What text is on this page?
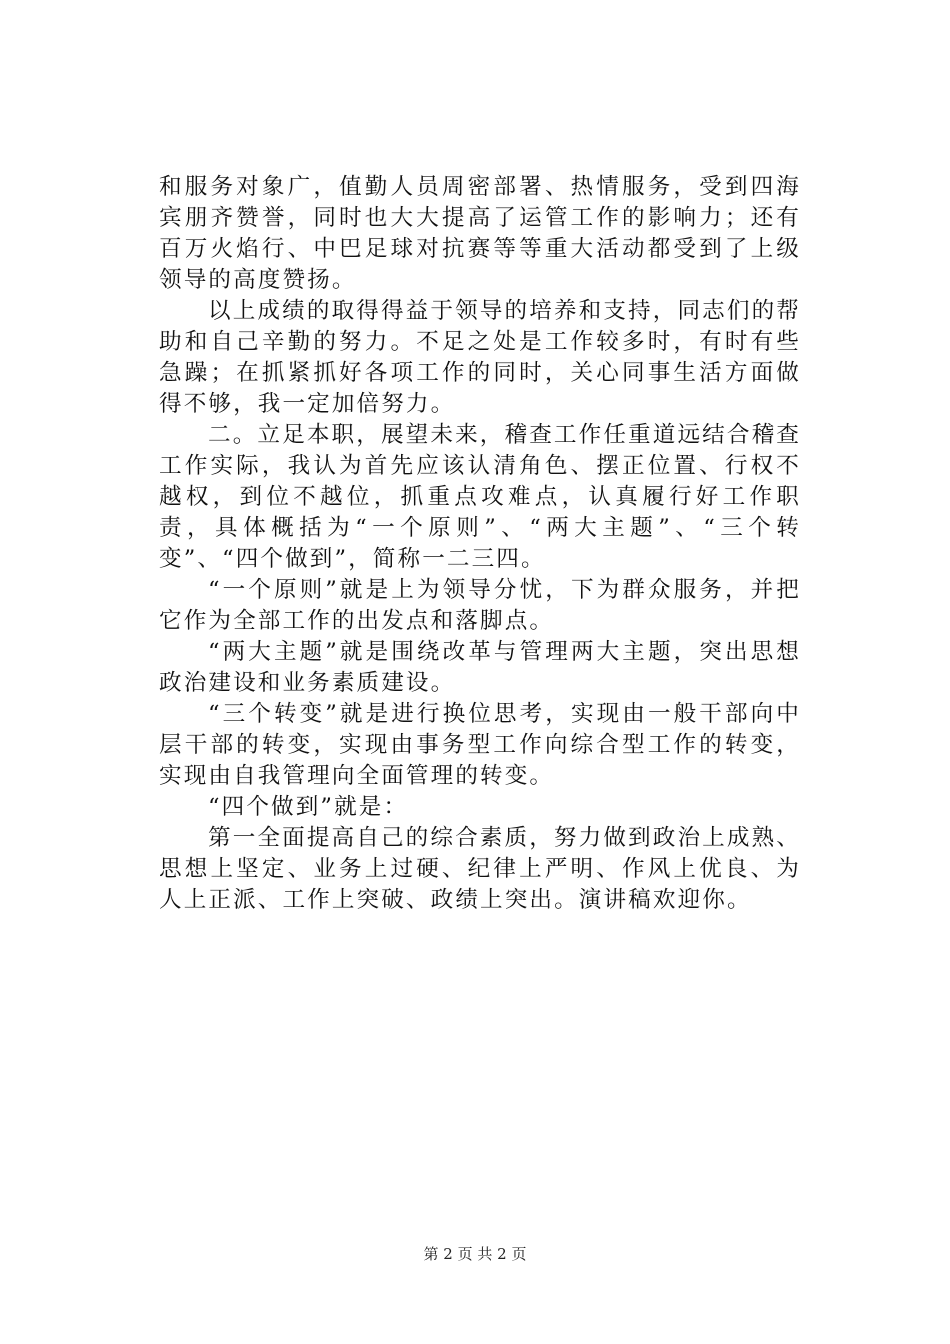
和服务对象广，值勤人员周密部署、热情服务，受到四海宾朋齐赞誉，同时也大大提高了运管工作的影响力；还有百万火焰行、中巴足球对抗赛等等重大活动都受到了上级领导的高度赞扬。

以上成绩的取得得益于领导的培养和支持，同志们的帮助和自己辛勤的努力。不足之处是工作较多时，有时有些急躁；在抓紧抓好各项工作的同时，关心同事生活方面做得不够，我一定加倍努力。

二。立足本职，展望未来，稽查工作任重道远结合稽查工作实际，我认为首先应该认清角色、摆正位置、行权不越权，到位不越位，抓重点攻难点，认真履行好工作职责，具体概括为“一个原则”、“两大主题”、“三个转变”、“四个做到”，简称一二三四。

“一个原则”就是上为领导分忧，下为群众服务，并把它作为全部工作的出发点和落脚点。

“两大主题”就是围绕改革与管理两大主题，突出思想政治建设和业务素质建设。

“三个转变”就是进行换位思考，实现由一般干部向中层干部的转变，实现由事务型工作向综合型工作的转变，实现由自我管理向全面管理的转变。

“四个做到”就是：

第一全面提高自己的综合素质，努力做到政治上成熟、思想上坚定、业务上过硬、纪律上严明、作风上优良、为人上正派、工作上突破、政绩上突出。演讲稿欢迎你。

第 2 页 共 2 页
